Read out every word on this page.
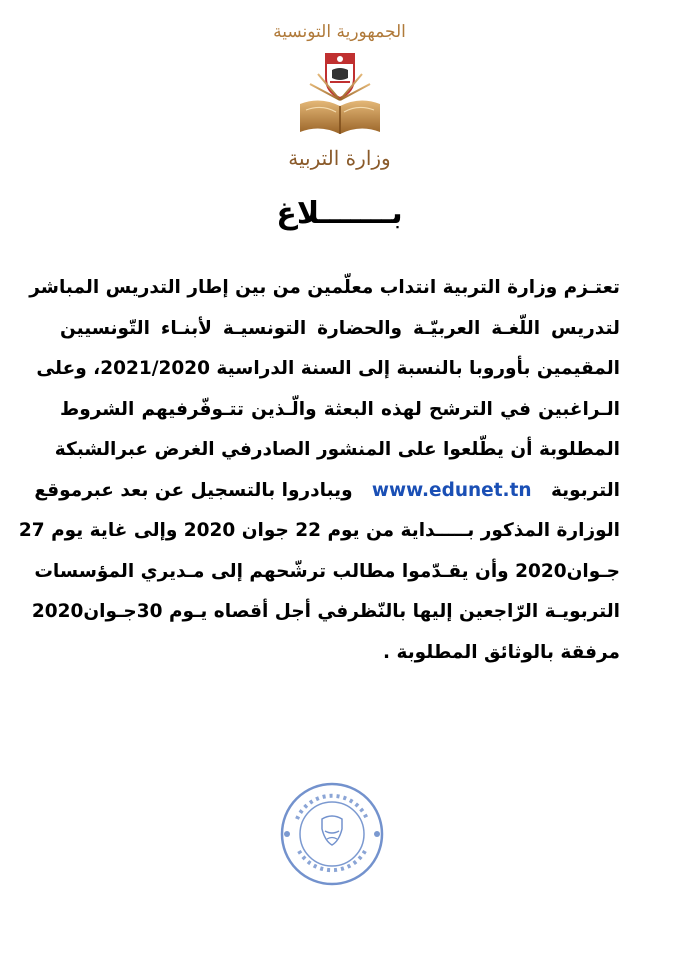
الجمهورية التونسية
وزارة التربية
بـــــــلاغ
تعتـزم وزارة التربية انتداب معلّمين من بين إطار التدريس المباشر
لتدريس اللّغـة العربيّـة والحضارة التونسيـة لأبنـاء التّونسيين
المقيمين بأوروبا بالنسبة إلى السنة الدراسية 2021/2020، وعلى
الـراغبين في الترشح لهذه البعثة والّـذين تتـوفّرفيهم الشروط
المطلوبة أن يطّلعوا على المنشور الصادرفي الغرض عبرالشبكة
التربوية   www.edunet.tn   ويبادروا بالتسجيل عن بعد عبرموقع
الوزارة المذكور بـــــداية من يوم 22 جوان 2020 وإلى غاية يوم 27
جـوان2020 وأن يقـدّموا مطالب ترشّحهم إلى مـديري المؤسسات
التربويـة الرّاجعين إليها بالنّظرفي أجل أقصاه يـوم 30جـوان2020
مرفقة بالوثائق المطلوبة .
